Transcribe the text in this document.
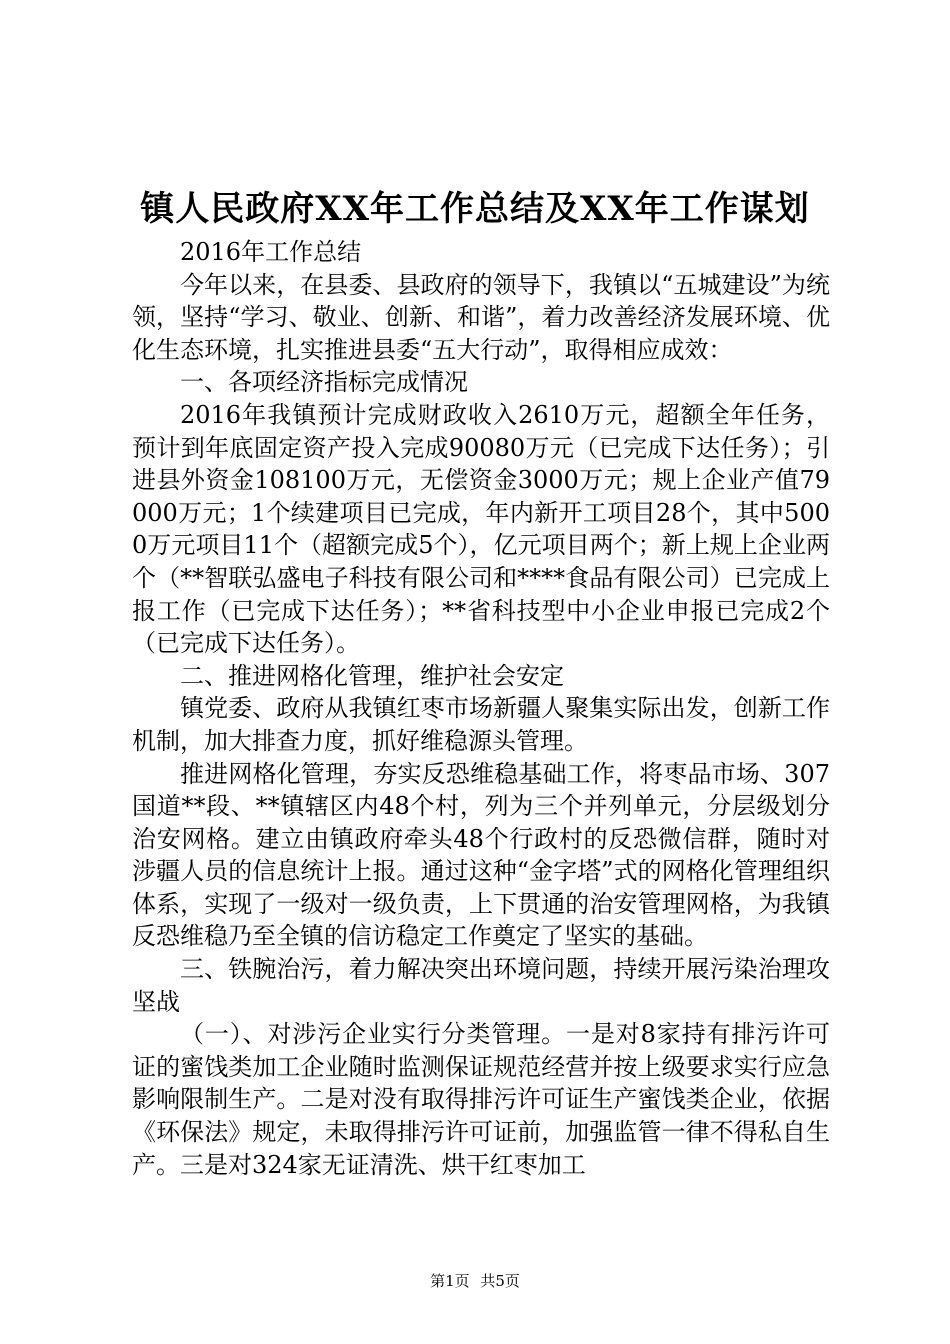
镇人民政府XX年工作总结及XX年工作谋划

2016年工作总结

今年以来，在县委、县政府的领导下，我镇以“五城建设”为统领，坚持“学习、敬业、创新、和谐”，着力改善经济发展环境、优化生态环境，扎实推进县委“五大行动”，取得相应成效：

一、各项经济指标完成情况

2016年我镇预计完成财政收入2610万元，超额全年任务，预计到年底固定资产投入完成90080万元（已完成下达任务）；引进县外资金108100万元，无偿资金3000万元；规上企业产值79000万元；1个续建项目已完成，年内新开工项目28个，其中5000万元项目11个（超额完成5个），亿元项目两个；新上规上企业两个（**智联弘盛电子科技有限公司和****食品有限公司）已完成上报工作（已完成下达任务）；**省科技型中小企业申报已完成2个（已完成下达任务）。

二、推进网格化管理，维护社会安定

镇党委、政府从我镇红枣市场新疆人聚集实际出发，创新工作机制，加大排查力度，抓好维稳源头管理。

推进网格化管理，夯实反恐维稳基础工作，将枣品市场、307国道**段、**镇辖区内48个村，列为三个并列单元，分层级划分治安网格。建立由镇政府牵头48个行政村的反恐微信群，随时对涉疆人员的信息统计上报。通过这种“金字塔”式的网格化管理组织体系，实现了一级对一级负责，上下贯通的治安管理网格，为我镇反恐维稳乃至全镇的信访稳定工作奠定了坚实的基础。

三、铁腕治污，着力解决突出环境问题，持续开展污染治理攻坚战

（一）、对涉污企业实行分类管理。一是对8家持有排污许可证的蜜饯类加工企业随时监测保证规范经营并按上级要求实行应急影响限制生产。二是对没有取得排污许可证生产蜜饯类企业，依据《环保法》规定，未取得排污许可证前，加强监管一律不得私自生产。三是对324家无证清洗、烘干红枣加工

第1页 共5页
